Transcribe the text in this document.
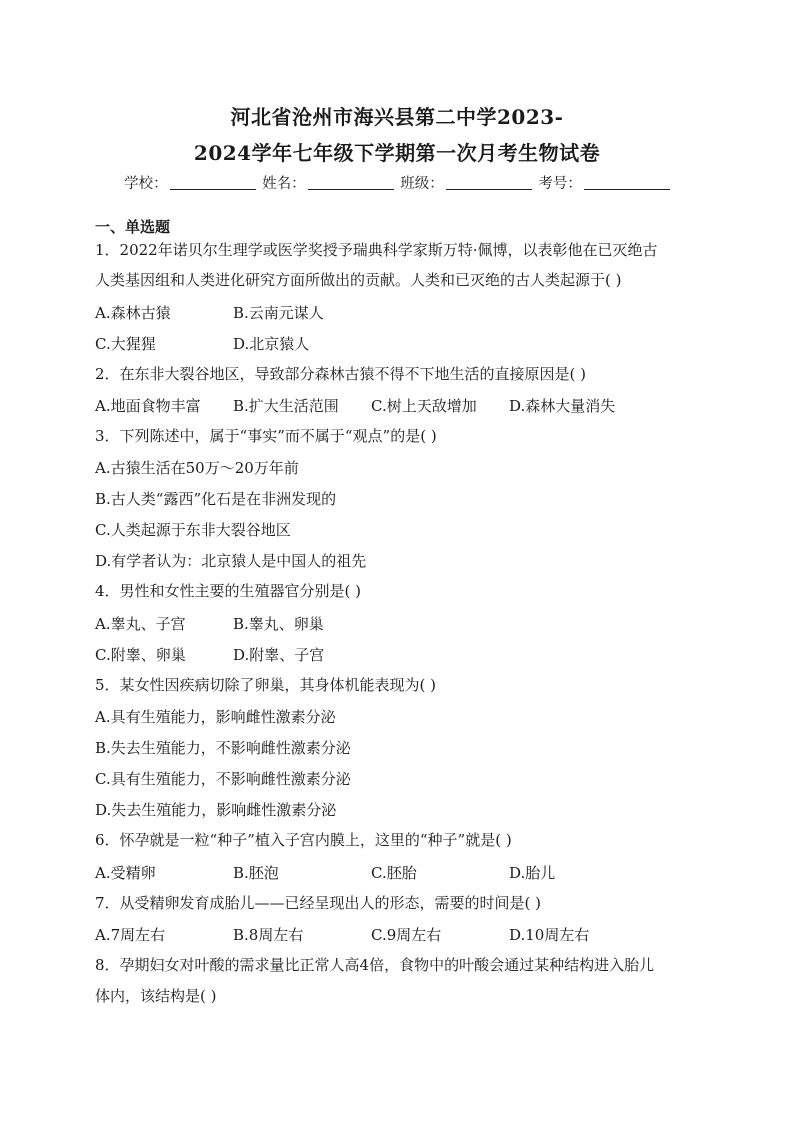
河北省沧州市海兴县第二中学2023-
2024学年七年级下学期第一次月考生物试卷
学校：	姓名：	班级：	考号：
一、单选题
1．2022年诺贝尔生理学或医学奖授予瑞典科学家斯万特·佩博，以表彰他在已灭绝古
人类基因组和人类进化研究方面所做出的贡献。人类和已灭绝的古人类起源于( )
A.森林古猿	B.云南元谋人
C.大猩猩	D.北京猿人
2．在东非大裂谷地区，导致部分森林古猿不得不下地生活的直接原因是( )
A.地面食物丰富 B.扩大生活范围 C.树上天敌增加 D.森林大量消失
3．下列陈述中，属于“事实”而不属于“观点”的是( )
A.古猿生活在50万～20万年前
B.古人类“露西”化石是在非洲发现的
C.人类起源于东非大裂谷地区
D.有学者认为：北京猿人是中国人的祖先
4．男性和女性主要的生殖器官分别是( )
A.睾丸、子宫	B.睾丸、卵巢
C.附睾、卵巢	D.附睾、子宫
5．某女性因疾病切除了卵巢，其身体机能表现为( )
A.具有生殖能力，影响雌性激素分泌
B.失去生殖能力，不影响雌性激素分泌
C.具有生殖能力，不影响雌性激素分泌
D.失去生殖能力，影响雌性激素分泌
6．怀孕就是一粒“种子”植入子宫内膜上，这里的“种子”就是( )
A.受精卵	B.胚泡	C.胚胎	D.胎儿
7．从受精卵发育成胎儿——已经呈现出人的形态，需要的时间是( )
A.7周左右	B.8周左右	C.9周左右	D.10周左右
8．孕期妇女对叶酸的需求量比正常人高4倍，食物中的叶酸会通过某种结构进入胎儿
体内，该结构是( )
